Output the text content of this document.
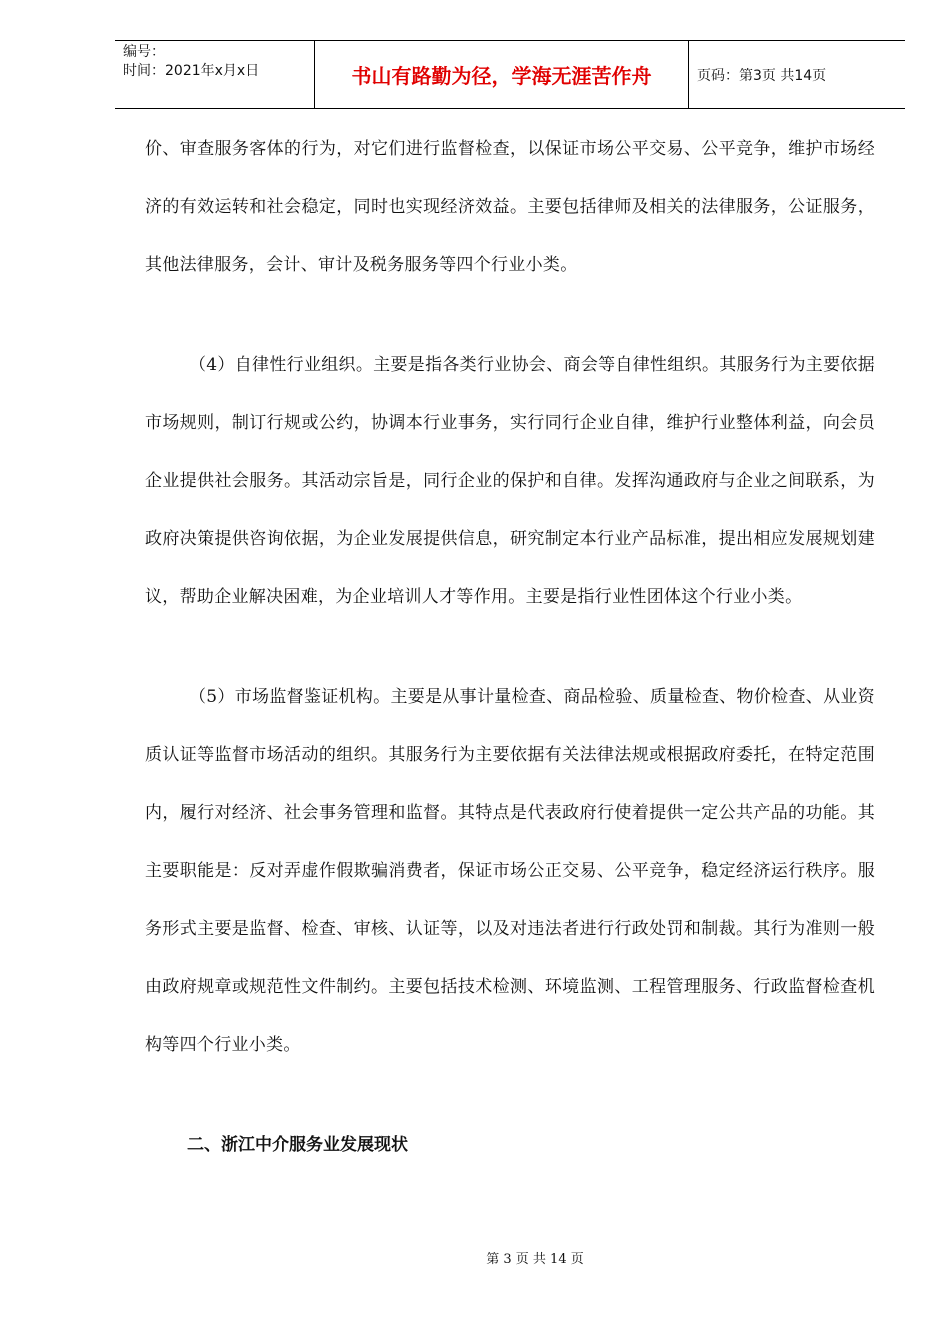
编号：
时间：2021年x月x日	书山有路勤为径，学海无涯苦作舟	页码：第3页 共14页

价、审查服务客体的行为，对它们进行监督检查，以保证市场公平交易、公平竞争，维护市场经济的有效运转和社会稳定，同时也实现经济效益。主要包括律师及相关的法律服务，公证服务，其他法律服务，会计、审计及税务服务等四个行业小类。

（4）自律性行业组织。主要是指各类行业协会、商会等自律性组织。其服务行为主要依据市场规则，制订行规或公约，协调本行业事务，实行同行企业自律，维护行业整体利益，向会员企业提供社会服务。其活动宗旨是，同行企业的保护和自律。发挥沟通政府与企业之间联系，为政府决策提供咨询依据，为企业发展提供信息，研究制定本行业产品标准，提出相应发展规划建议，帮助企业解决困难，为企业培训人才等作用。主要是指行业性团体这个行业小类。

（5）市场监督鉴证机构。主要是从事计量检查、商品检验、质量检查、物价检查、从业资质认证等监督市场活动的组织。其服务行为主要依据有关法律法规或根据政府委托，在特定范围内，履行对经济、社会事务管理和监督。其特点是代表政府行使着提供一定公共产品的功能。其主要职能是：反对弄虚作假欺骗消费者，保证市场公正交易、公平竞争，稳定经济运行秩序。服务形式主要是监督、检查、审核、认证等，以及对违法者进行行政处罚和制裁。其行为准则一般由政府规章或规范性文件制约。主要包括技术检测、环境监测、工程管理服务、行政监督检查机构等四个行业小类。

二、浙江中介服务业发展现状

第 3 页 共 14 页
